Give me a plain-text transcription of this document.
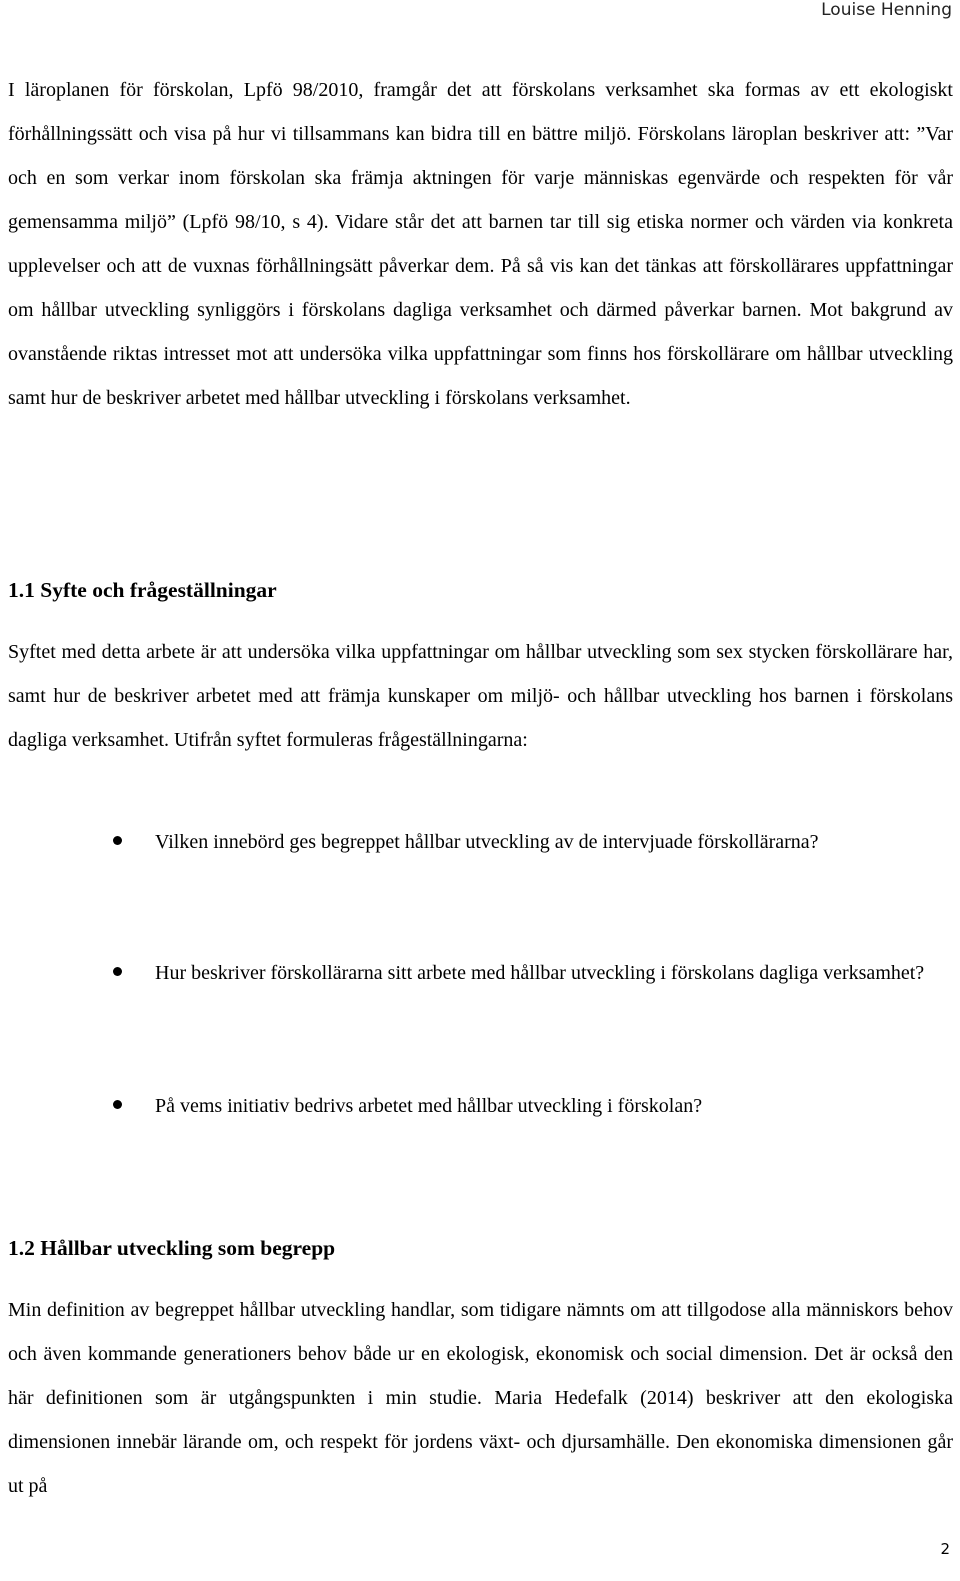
Louise Henning

I läroplanen för förskolan, Lpfö 98/2010, framgår det att förskolans verksamhet ska formas av ett ekologiskt förhållningssätt och visa på hur vi tillsammans kan bidra till en bättre miljö. Förskolans läroplan beskriver att: ”Var och en som verkar inom förskolan ska främja aktningen för varje människas egenvärde och respekten för vår gemensamma miljö” (Lpfö 98/10, s 4). Vidare står det att barnen tar till sig etiska normer och värden via konkreta upplevelser och att de vuxnas förhållningsätt påverkar dem. På så vis kan det tänkas att förskollärares uppfattningar om hållbar utveckling synliggörs i förskolans dagliga verksamhet och därmed påverkar barnen. Mot bakgrund av ovanstående riktas intresset mot att undersöka vilka uppfattningar som finns hos förskollärare om hållbar utveckling samt hur de beskriver arbetet med hållbar utveckling i förskolans verksamhet.

1.1 Syfte och frågeställningar

Syftet med detta arbete är att undersöka vilka uppfattningar om hållbar utveckling som sex stycken förskollärare har, samt hur de beskriver arbetet med att främja kunskaper om miljö- och hållbar utveckling hos barnen i förskolans dagliga verksamhet. Utifrån syftet formuleras frågeställningarna:

Vilken innebörd ges begreppet hållbar utveckling av de intervjuade förskollärarna?
Hur beskriver förskollärarna sitt arbete med hållbar utveckling i förskolans dagliga verksamhet?
På vems initiativ bedrivs arbetet med hållbar utveckling i förskolan?
1.2 Hållbar utveckling som begrepp

Min definition av begreppet hållbar utveckling handlar, som tidigare nämnts om att tillgodose alla människors behov och även kommande generationers behov både ur en ekologisk, ekonomisk och social dimension. Det är också den här definitionen som är utgångspunkten i min studie. Maria Hedefalk (2014) beskriver att den ekologiska dimensionen innebär lärande om, och respekt för jordens växt- och djursamhälle. Den ekonomiska dimensionen går ut på

2
